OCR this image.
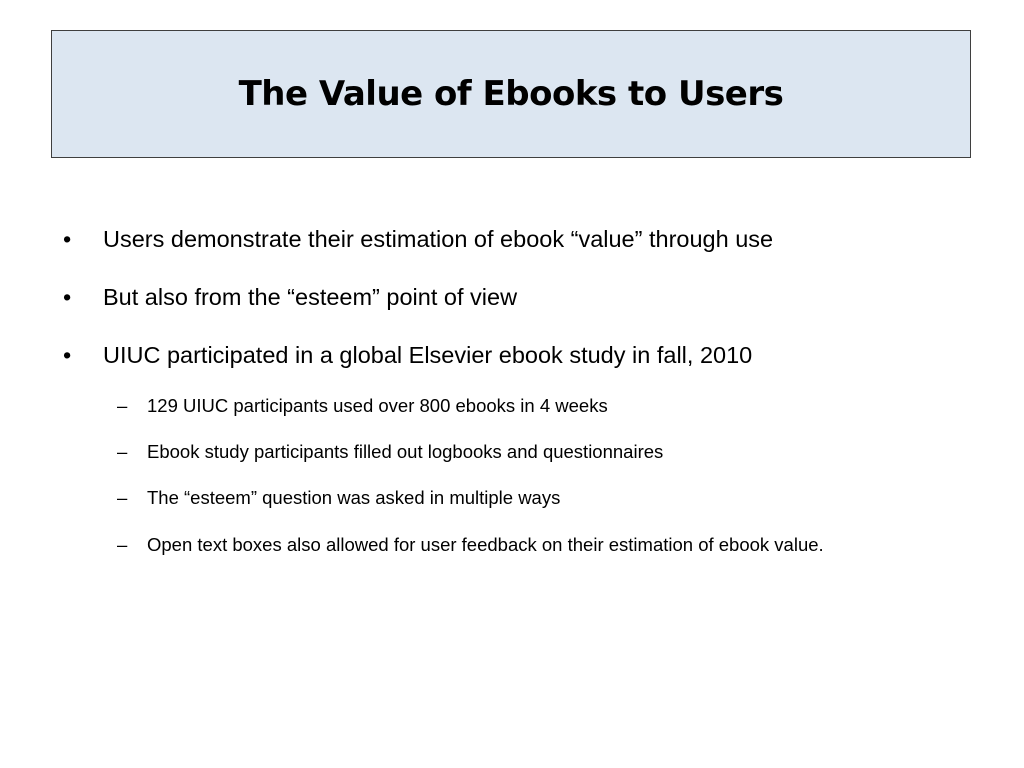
The Value of Ebooks to Users
• Users demonstrate their estimation of ebook “value” through use
• But also from the “esteem” point of view
• UIUC participated in a global Elsevier ebook study in fall, 2010
– 129 UIUC participants used over 800 ebooks in 4 weeks
– Ebook study participants filled out logbooks and questionnaires
– The “esteem” question was asked in multiple ways
– Open text boxes also allowed for user feedback on their estimation of ebook value.
